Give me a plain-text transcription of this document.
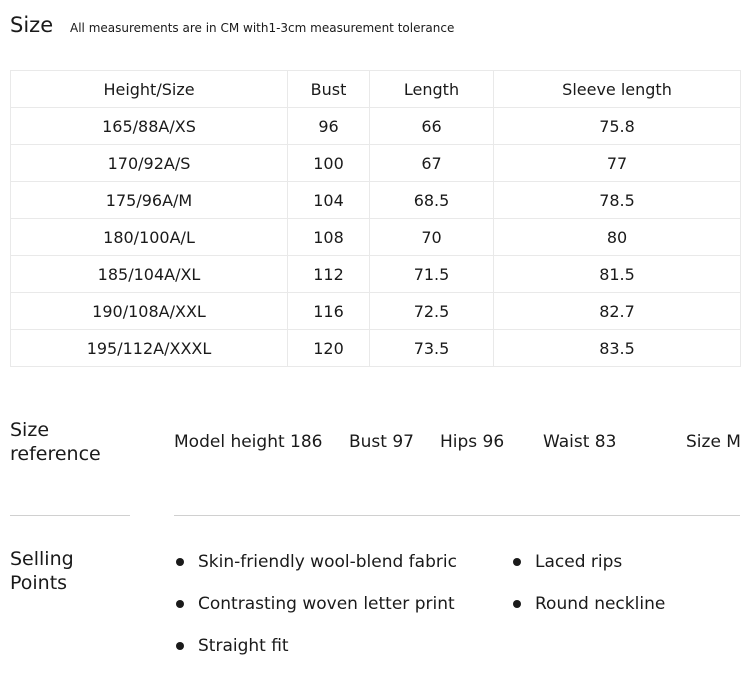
Size All measurements are in CM with1-3cm measurement tolerance
Height/Size	Bust	Length	Sleeve length
165/88A/XS	96	66	75.8
170/92A/S	100	67	77
175/96A/M	104	68.5	78.5
180/100A/L	108	70	80
185/104A/XL	112	71.5	81.5
190/108A/XXL	116	72.5	82.7
195/112A/XXXL	120	73.5	83.5
Size
reference
Model height 186 Bust 97 Hips 96 Waist 83	Size M
Selling
Points
Skin-friendly wool-blend fabric	Laced rips
Contrasting woven letter print	Round neckline
Straight fit
